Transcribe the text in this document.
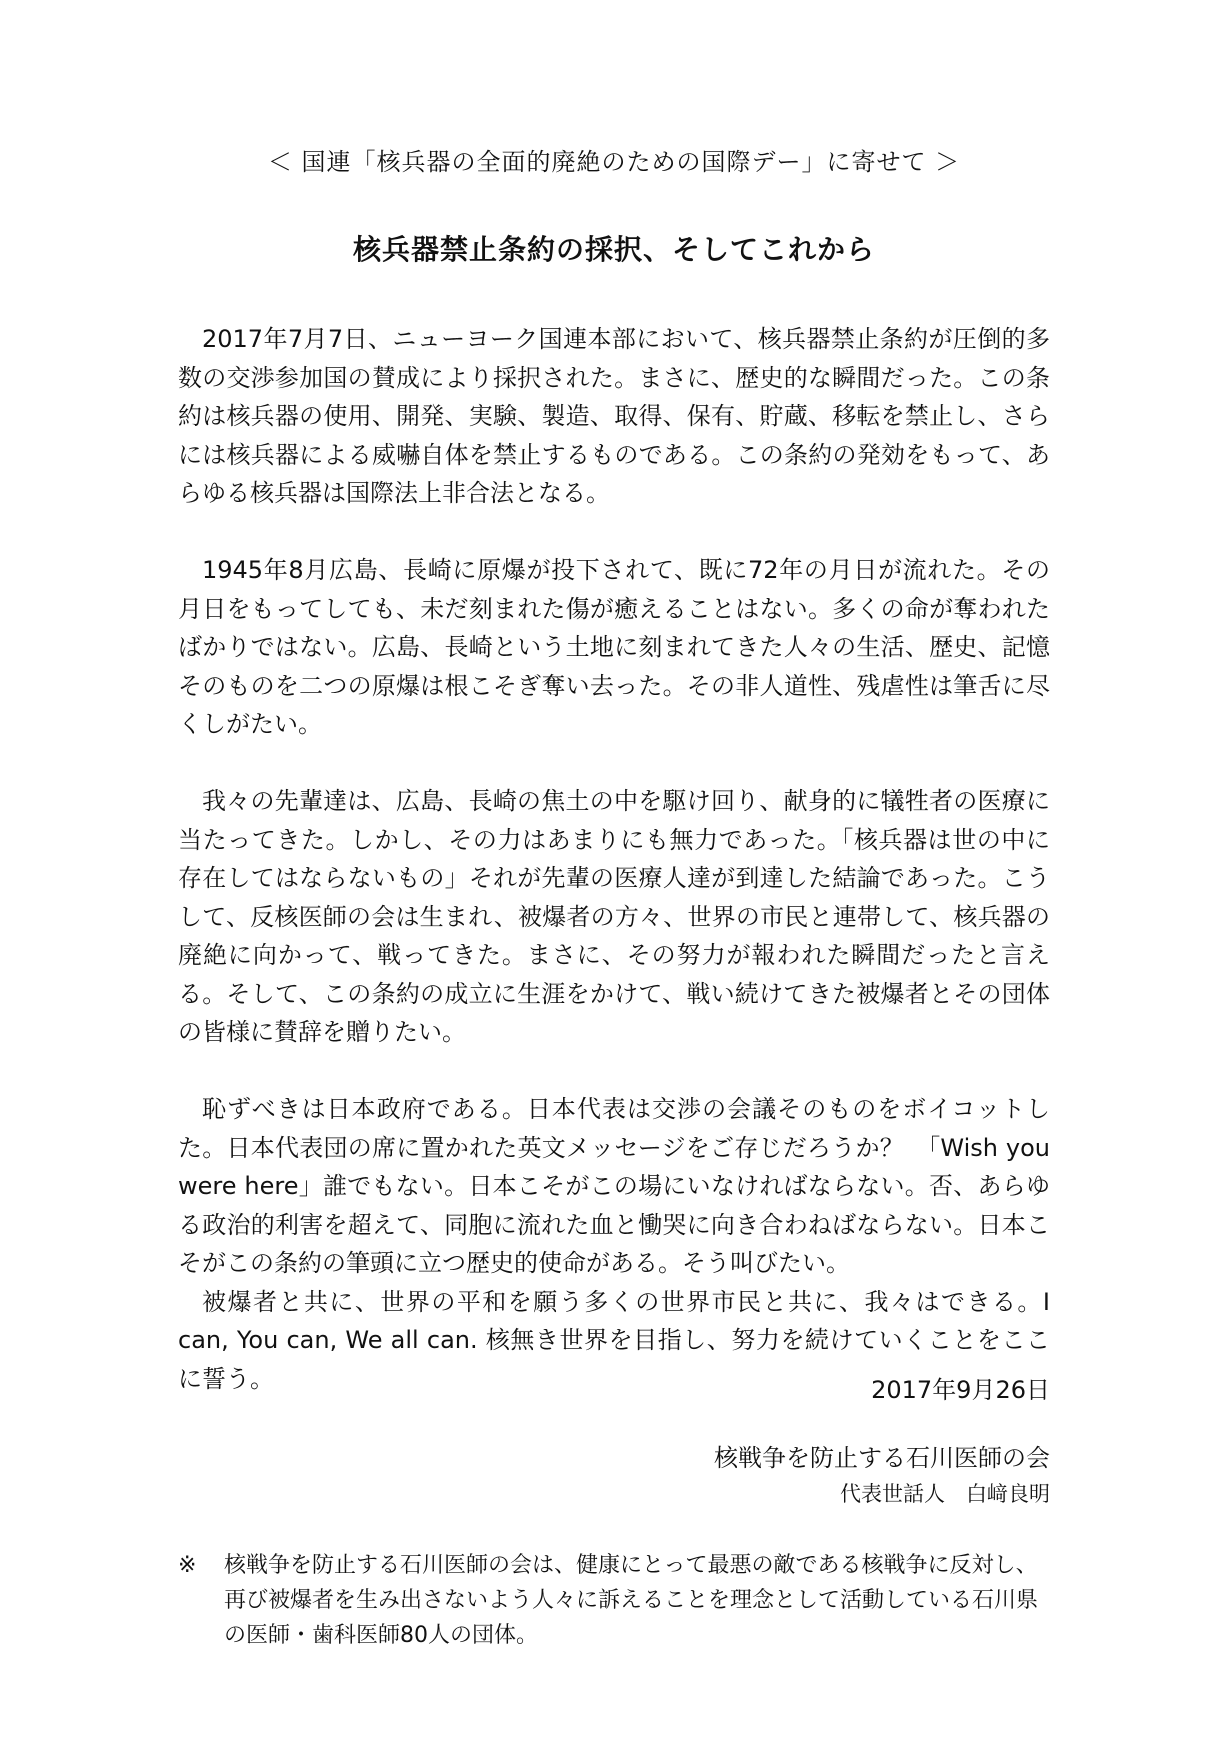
＜ 国連「核兵器の全面的廃絶のための国際デー」に寄せて ＞
核兵器禁止条約の採択、そしてこれから

2017年7月7日、ニューヨーク国連本部において、核兵器禁止条約が圧倒的多数の交渉参加国の賛成により採択された。まさに、歴史的な瞬間だった。この条約は核兵器の使用、開発、実験、製造、取得、保有、貯蔵、移転を禁止し、さらには核兵器による威嚇自体を禁止するものである。この条約の発効をもって、あらゆる核兵器は国際法上非合法となる。

1945年8月広島、長崎に原爆が投下されて、既に72年の月日が流れた。その月日をもってしても、未だ刻まれた傷が癒えることはない。多くの命が奪われたばかりではない。広島、長崎という土地に刻まれてきた人々の生活、歴史、記憶そのものを二つの原爆は根こそぎ奪い去った。その非人道性、残虐性は筆舌に尽くしがたい。

我々の先輩達は、広島、長崎の焦土の中を駆け回り、献身的に犠牲者の医療に当たってきた。しかし、その力はあまりにも無力であった。「核兵器は世の中に存在してはならないもの」それが先輩の医療人達が到達した結論であった。こうして、反核医師の会は生まれ、被爆者の方々、世界の市民と連帯して、核兵器の廃絶に向かって、戦ってきた。まさに、その努力が報われた瞬間だったと言える。そして、この条約の成立に生涯をかけて、戦い続けてきた被爆者とその団体の皆様に賛辞を贈りたい。

恥ずべきは日本政府である。日本代表は交渉の会議そのものをボイコットした。日本代表団の席に置かれた英文メッセージをご存じだろうか？　「Wish you were here」誰でもない。日本こそがこの場にいなければならない。否、あらゆる政治的利害を超えて、同胞に流れた血と慟哭に向き合わねばならない。日本こそがこの条約の筆頭に立つ歴史的使命がある。そう叫びたい。

被爆者と共に、世界の平和を願う多くの世界市民と共に、我々はできる。I can, You can, We all can. 核無き世界を目指し、努力を続けていくことをここに誓う。	2017年9月26日
核戦争を防止する石川医師の会
代表世話人　白﨑良明
※ 核戦争を防止する石川医師の会は、健康にとって最悪の敵である核戦争に反対し、再び被爆者を生み出さないよう人々に訴えることを理念として活動している石川県の医師・歯科医師80人の団体。
